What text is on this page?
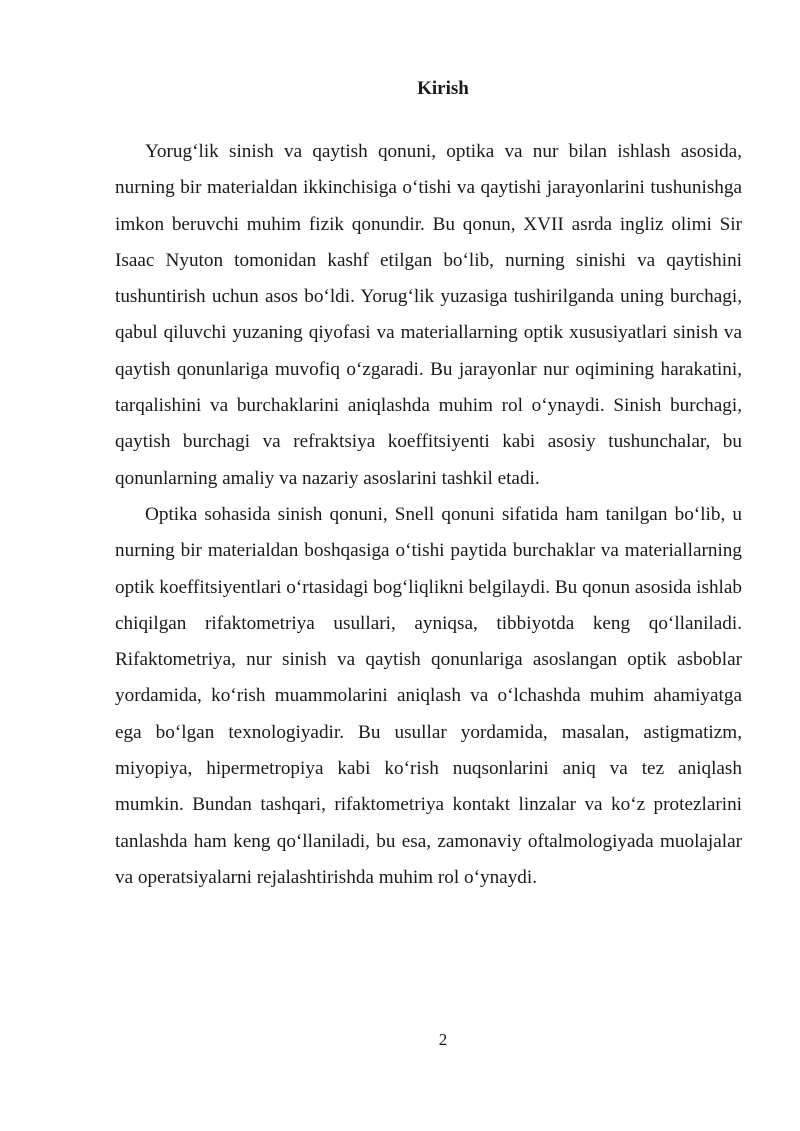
Kirish

Yorug‘lik sinish va qaytish qonuni, optika va nur bilan ishlash asosida, nurning bir materialdan ikkinchisiga o‘tishi va qaytishi jarayonlarini tushunishga imkon beruvchi muhim fizik qonundir. Bu qonun, XVII asrda ingliz olimi Sir Isaac Nyuton tomonidan kashf etilgan bo‘lib, nurning sinishi va qaytishini tushuntirish uchun asos bo‘ldi. Yorug‘lik yuzasiga tushirilganda uning burchagi, qabul qiluvchi yuzaning qiyofasi va materiallarning optik xususiyatlari sinish va qaytish qonunlariga muvofiq o‘zgaradi. Bu jarayonlar nur oqimining harakatini, tarqalishini va burchaklarini aniqlashda muhim rol o‘ynaydi. Sinish burchagi, qaytish burchagi va refraktsiya koeffitsiyenti kabi asosiy tushunchalar, bu qonunlarning amaliy va nazariy asoslarini tashkil etadi.

Optika sohasida sinish qonuni, Snell qonuni sifatida ham tanilgan bo‘lib, u nurning bir materialdan boshqasiga o‘tishi paytida burchaklar va materiallarning optik koeffitsiyentlari o‘rtasidagi bog‘liqlikni belgilaydi. Bu qonun asosida ishlab chiqilgan rifaktometriya usullari, ayniqsa, tibbiyotda keng qo‘llaniladi. Rifaktometriya, nur sinish va qaytish qonunlariga asoslangan optik asboblar yordamida, ko‘rish muammolarini aniqlash va o‘lchashda muhim ahamiyatga ega bo‘lgan texnologiyadir. Bu usullar yordamida, masalan, astigmatizm, miyopiya, hipermetropiya kabi ko‘rish nuqsonlarini aniq va tez aniqlash mumkin. Bundan tashqari, rifaktometriya kontakt linzalar va ko‘z protezlarini tanlashda ham keng qo‘llaniladi, bu esa, zamonaviy oftalmologiyada muolajalar va operatsiyalarni rejalashtirishda muhim rol o‘ynaydi.

2
